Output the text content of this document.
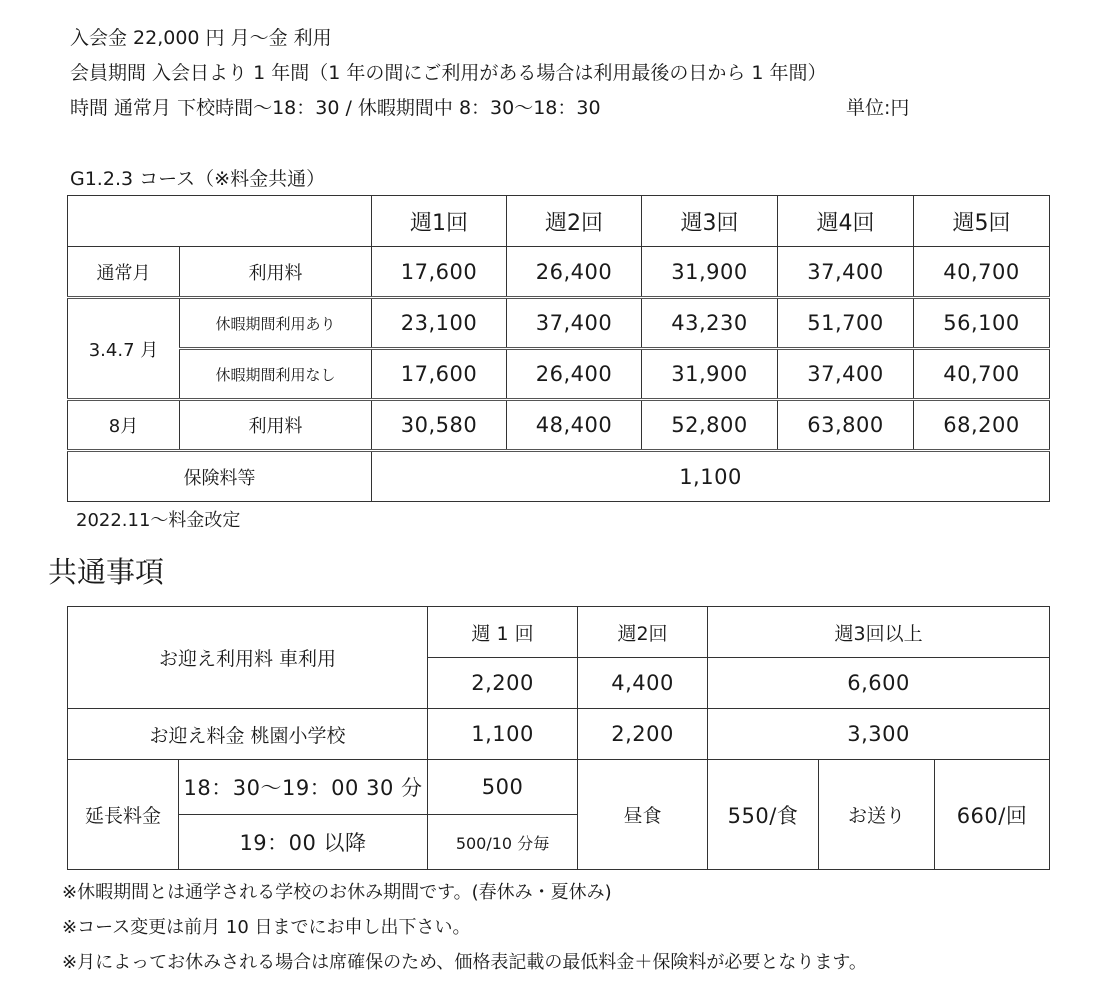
入会金 22,000 円 月～金 利用
会員期間 入会日より 1 年間（1 年の間にご利用がある場合は利用最後の日から 1 年間）
時間 通常月 下校時間～18：30 / 休暇期間中 8：30～18：30	単位:円
G1.2.3 コース（※料金共通）
		週1回	週2回	週3回	週4回	週5回
通常月	利用料	17,600	26,400	31,900	37,400	40,700
3.4.7 月	休暇期間利用あり	23,100	37,400	43,230	51,700	56,100
	休暇期間利用なし	17,600	26,400	31,900	37,400	40,700
8月	利用料	30,580	48,400	52,800	63,800	68,200
保険料等		1,100				
2022.11～料金改定
共通事項
お迎え利用料 車利用		週 1 回	週2回	週3回以上		
		2,200	4,400	6,600		
お迎え料金 桃園小学校		1,100	2,200	3,300		
延長料金	18：30～19：00 30 分	500	昼食	550/食	お送り	660/回
	19：00 以降	500/10 分毎				
※休暇期間とは通学される学校のお休み期間です。(春休み・夏休み)
※コース変更は前月 10 日までにお申し出下さい。
※月によってお休みされる場合は席確保のため、価格表記載の最低料金＋保険料が必要となります。
